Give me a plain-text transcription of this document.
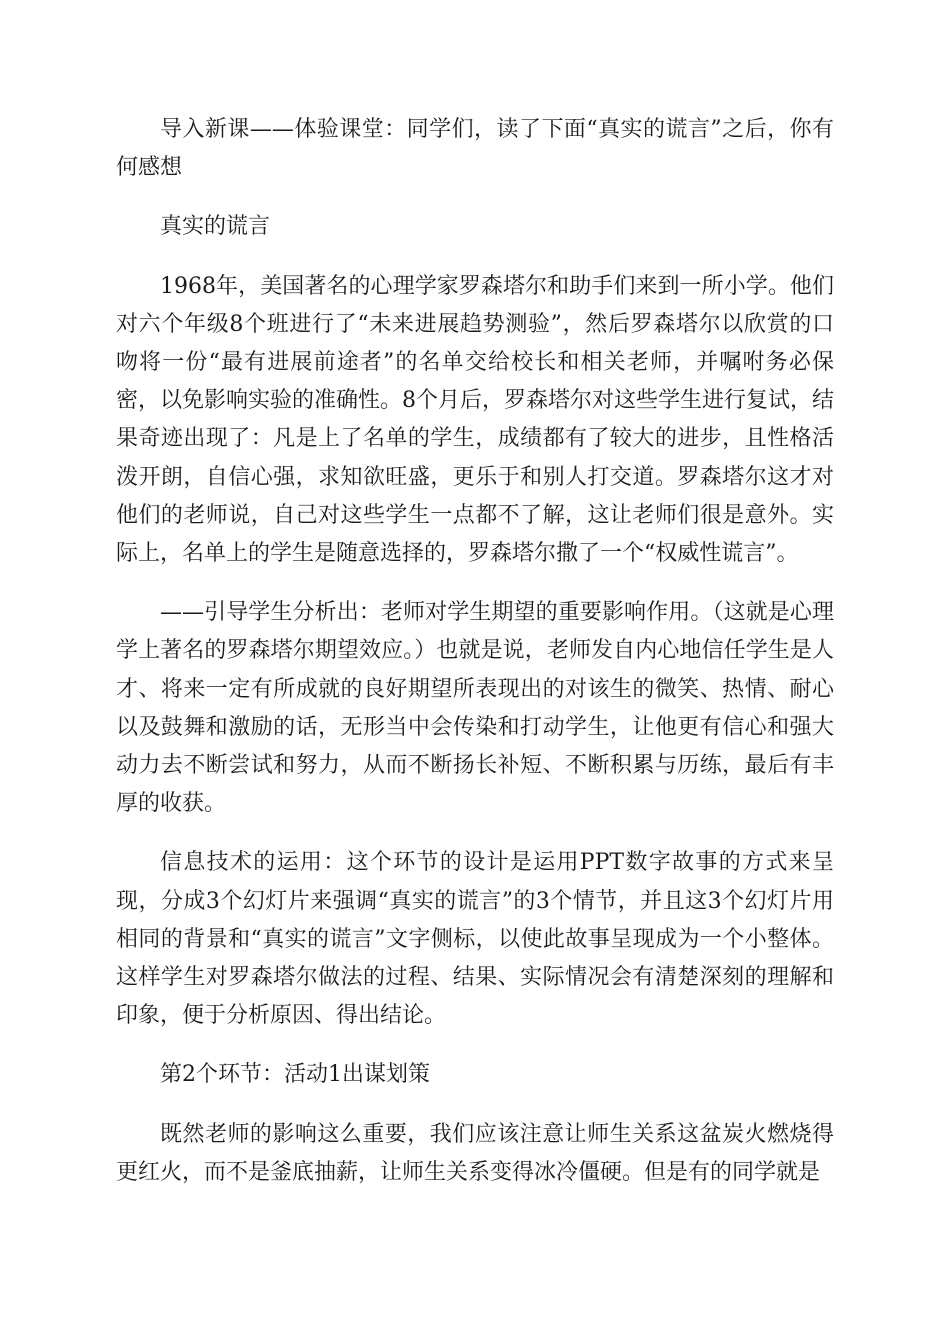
导入新课——体验课堂：同学们，读了下面“真实的谎言”之后，你有何感想

真实的谎言

1968年，美国著名的心理学家罗森塔尔和助手们来到一所小学。他们对六个年级8个班进行了“未来进展趋势测验”，然后罗森塔尔以欣赏的口吻将一份“最有进展前途者”的名单交给校长和相关老师，并嘱咐务必保密，以免影响实验的准确性。8个月后，罗森塔尔对这些学生进行复试，结果奇迹出现了：凡是上了名单的学生，成绩都有了较大的进步，且性格活泼开朗，自信心强，求知欲旺盛，更乐于和别人打交道。罗森塔尔这才对他们的老师说，自己对这些学生一点都不了解，这让老师们很是意外。实际上，名单上的学生是随意选择的，罗森塔尔撒了一个“权威性谎言”。

——引导学生分析出：老师对学生期望的重要影响作用。（这就是心理学上著名的罗森塔尔期望效应。）也就是说，老师发自内心地信任学生是人才、将来一定有所成就的良好期望所表现出的对该生的微笑、热情、耐心以及鼓舞和激励的话，无形当中会传染和打动学生，让他更有信心和强大动力去不断尝试和努力，从而不断扬长补短、不断积累与历练，最后有丰厚的收获。

信息技术的运用：这个环节的设计是运用PPT数字故事的方式来呈现，分成3个幻灯片来强调“真实的谎言”的3个情节，并且这3个幻灯片用相同的背景和“真实的谎言”文字侧标，以使此故事呈现成为一个小整体。这样学生对罗森塔尔做法的过程、结果、实际情况会有清楚深刻的理解和印象，便于分析原因、得出结论。

第2个环节：活动1出谋划策

既然老师的影响这么重要，我们应该注意让师生关系这盆炭火燃烧得更红火，而不是釜底抽薪，让师生关系变得冰冷僵硬。但是有的同学就是
